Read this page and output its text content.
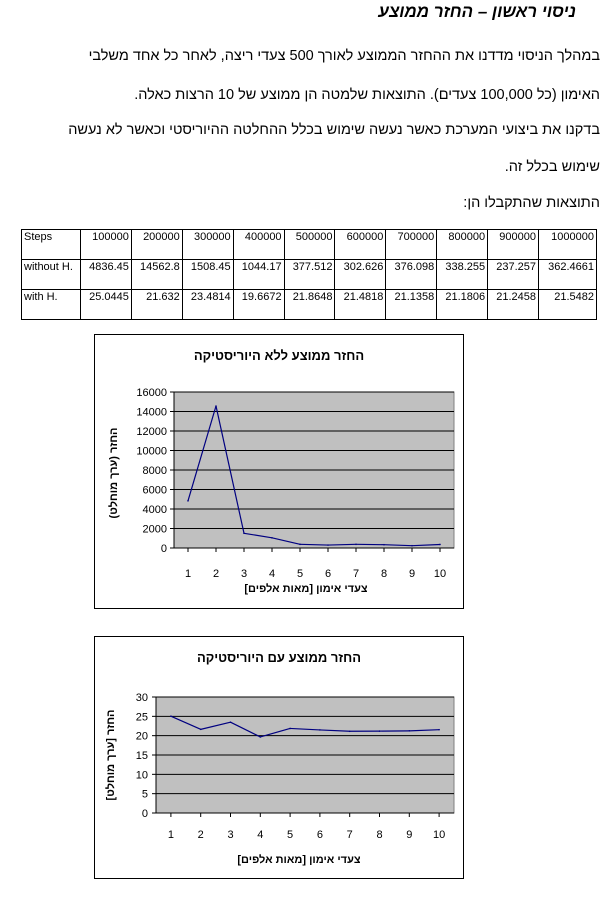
ניסוי ראשון – החזר ממוצע
במהלך הניסוי מדדנו את ההחזר הממוצע לאורך 500 צעדי ריצה, לאחר כל אחד משלבי
האימון (כל 100,000 צעדים). התוצאות שלמטה הן ממוצע של 10 הרצות כאלה.
בדקנו את ביצועי המערכת כאשר נעשה שימוש בכלל ההחלטה ההיוריסטי וכאשר לא נעשה
שימוש בכלל זה.
התוצאות שהתקבלו הן:
Steps	100000	200000	300000	400000	500000	600000	700000	800000	900000	1000000
without H.	4836.45	14562.8	1508.45	1044.17	377.512	302.626	376.098	338.255	237.257	362.4661
with H.	25.0445	21.632	23.4814	19.6672	21.8648	21.4818	21.1358	21.1806	21.2458	21.5482
החזר ממוצע ללא היוריסטיקה
צעדי אימון [מאות אלפים]
החזר (ערך מוחלט)
0
2000
4000
6000
8000
10000
12000
14000
16000
1 2 3 4 5 6 7 8 9 10
החזר ממוצע עם היוריסטיקה
צעדי אימון [מאות אלפים]
החזר [ערך מוחלט]
0
5
10
15
20
25
30
1 2 3 4 5 6 7 8 9 10
